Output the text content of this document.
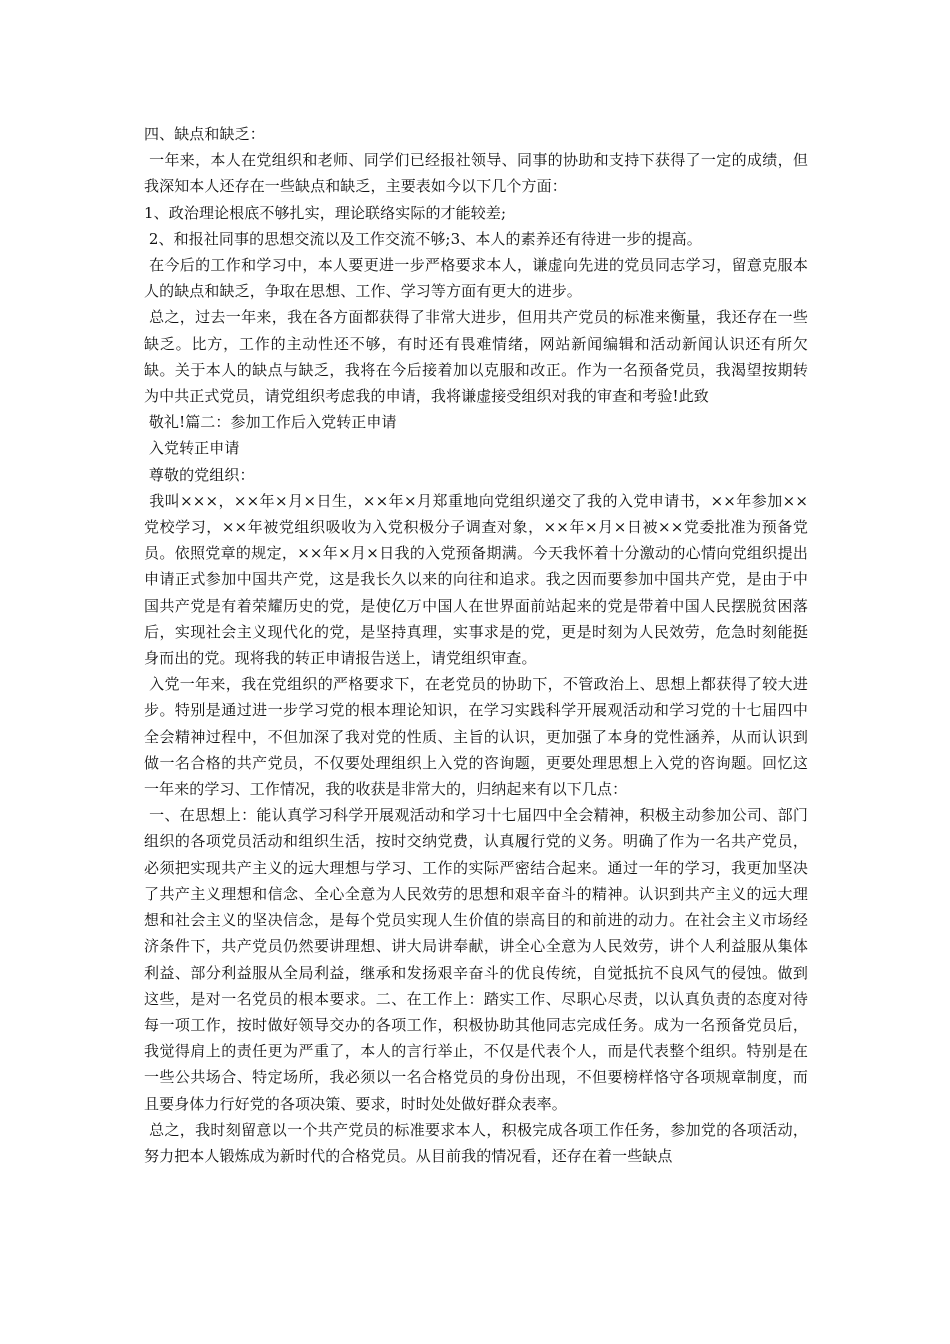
四、缺点和缺乏：

一年来，本人在党组织和老师、同学们已经报社领导、同事的协助和支持下获得了一定的成绩，但我深知本人还存在一些缺点和缺乏，主要表如今以下几个方面：

1、政治理论根底不够扎实，理论联络实际的才能较差;

2、和报社同事的思想交流以及工作交流不够;3、本人的素养还有待进一步的提高。

在今后的工作和学习中，本人要更进一步严格要求本人，谦虚向先进的党员同志学习，留意克服本人的缺点和缺乏，争取在思想、工作、学习等方面有更大的进步。

总之，过去一年来，我在各方面都获得了非常大进步，但用共产党员的标准来衡量，我还存在一些缺乏。比方，工作的主动性还不够，有时还有畏难情绪，网站新闻编辑和活动新闻认识还有所欠缺。关于本人的缺点与缺乏，我将在今后接着加以克服和改正。作为一名预备党员，我渴望按期转为中共正式党员，请党组织考虑我的申请，我将谦虚接受组织对我的审查和考验!此致

敬礼!篇二：参加工作后入党转正申请

入党转正申请

尊敬的党组织：

我叫×××，××年×月×日生，××年×月郑重地向党组织递交了我的入党申请书，××年参加××党校学习，××年被党组织吸收为入党积极分子调查对象，××年×月×日被××党委批准为预备党员。依照党章的规定，××年×月×日我的入党预备期满。今天我怀着十分激动的心情向党组织提出申请正式参加中国共产党，这是我长久以来的向往和追求。我之因而要参加中国共产党，是由于中国共产党是有着荣耀历史的党，是使亿万中国人在世界面前站起来的党是带着中国人民摆脱贫困落后，实现社会主义现代化的党，是坚持真理，实事求是的党，更是时刻为人民效劳，危急时刻能挺身而出的党。现将我的转正申请报告送上，请党组织审查。

入党一年来，我在党组织的严格要求下，在老党员的协助下，不管政治上、思想上都获得了较大进步。特别是通过进一步学习党的根本理论知识，在学习实践科学开展观活动和学习党的十七届四中全会精神过程中，不但加深了我对党的性质、主旨的认识，更加强了本身的党性涵养，从而认识到做一名合格的共产党员，不仅要处理组织上入党的咨询题，更要处理思想上入党的咨询题。回忆这一年来的学习、工作情况，我的收获是非常大的，归纳起来有以下几点：

一、在思想上：能认真学习科学开展观活动和学习十七届四中全会精神，积极主动参加公司、部门组织的各项党员活动和组织生活，按时交纳党费，认真履行党的义务。明确了作为一名共产党员，必须把实现共产主义的远大理想与学习、工作的实际严密结合起来。通过一年的学习，我更加坚决了共产主义理想和信念、全心全意为人民效劳的思想和艰辛奋斗的精神。认识到共产主义的远大理想和社会主义的坚决信念，是每个党员实现人生价值的崇高目的和前进的动力。在社会主义市场经济条件下，共产党员仍然要讲理想、讲大局讲奉献，讲全心全意为人民效劳，讲个人利益服从集体利益、部分利益服从全局利益，继承和发扬艰辛奋斗的优良传统，自觉抵抗不良风气的侵蚀。做到这些，是对一名党员的根本要求。二、在工作上：踏实工作、尽职心尽责，以认真负责的态度对待每一项工作，按时做好领导交办的各项工作，积极协助其他同志完成任务。成为一名预备党员后，我觉得肩上的责任更为严重了，本人的言行举止，不仅是代表个人，而是代表整个组织。特别是在一些公共场合、特定场所，我必须以一名合格党员的身份出现，不但要榜样恪守各项规章制度，而且要身体力行好党的各项决策、要求，时时处处做好群众表率。

总之，我时刻留意以一个共产党员的标准要求本人，积极完成各项工作任务，参加党的各项活动，努力把本人锻炼成为新时代的合格党员。从目前我的情况看，还存在着一些缺点
